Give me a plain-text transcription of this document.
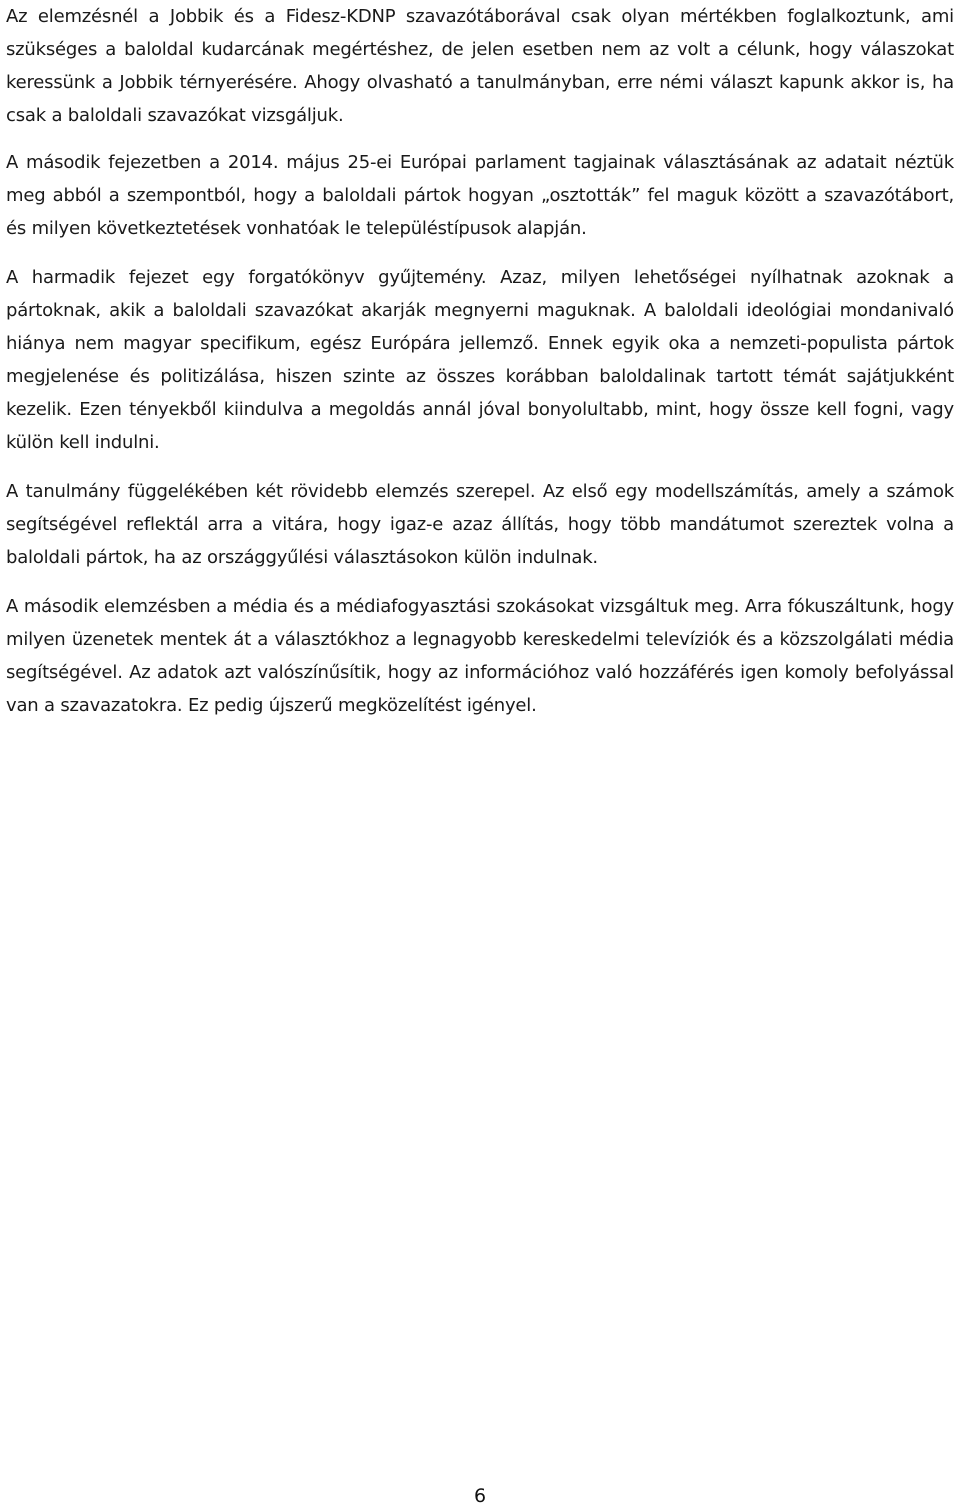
Az elemzésnél a Jobbik és a Fidesz-KDNP szavazótáborával csak olyan mértékben foglalkoztunk, ami szükséges a baloldal kudarcának megértéshez, de jelen esetben nem az volt a célunk, hogy válaszokat keressünk a Jobbik térnyerésére. Ahogy olvasható a tanulmányban, erre némi választ kapunk akkor is, ha csak a baloldali szavazókat vizsgáljuk.

A második fejezetben a 2014. május 25-ei Európai parlament tagjainak választásának az adatait néztük meg abból a szempontból, hogy a baloldali pártok hogyan „osztották” fel maguk között a szavazótábort, és milyen következtetések vonhatóak le településtípusok alapján.

A harmadik fejezet egy forgatókönyv gyűjtemény. Azaz, milyen lehetőségei nyílhatnak azoknak a pártoknak, akik a baloldali szavazókat akarják megnyerni maguknak. A baloldali ideológiai mondanivaló hiánya nem magyar specifikum, egész Európára jellemző. Ennek egyik oka a nemzeti-populista pártok megjelenése és politizálása, hiszen szinte az összes korábban baloldalinak tartott témát sajátjukként kezelik. Ezen tényekből kiindulva a megoldás annál jóval bonyolultabb, mint, hogy össze kell fogni, vagy külön kell indulni.

A tanulmány függelékében két rövidebb elemzés szerepel. Az első egy modellszámítás, amely a számok segítségével reflektál arra a vitára, hogy igaz-e azaz állítás, hogy több mandátumot szereztek volna a baloldali pártok, ha az országgyűlési választásokon külön indulnak.

A második elemzésben a média és a médiafogyasztási szokásokat vizsgáltuk meg. Arra fókuszáltunk, hogy milyen üzenetek mentek át a választókhoz a legnagyobb kereskedelmi televíziók és a közszolgálati média segítségével. Az adatok azt valószínűsítik, hogy az információhoz való hozzáférés igen komoly befolyással van a szavazatokra. Ez pedig újszerű megközelítést igényel.

6
